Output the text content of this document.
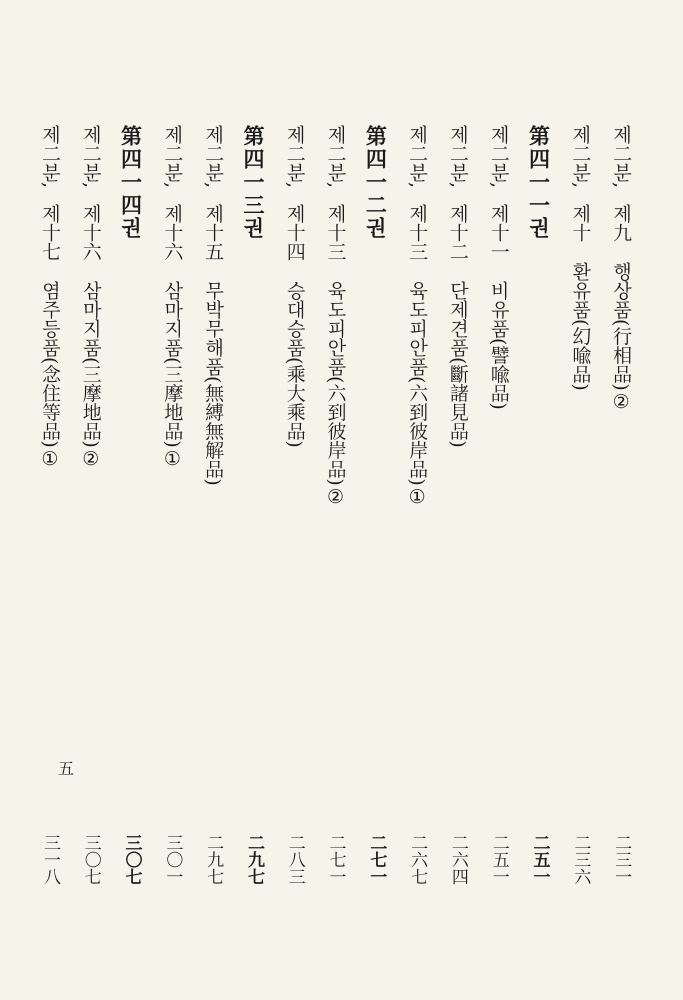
제二분,
제九
행상품(行相品)②
二三一
제二분,
제十
환유품(幻喩品)
二三六
第四一一권
二五一
제二분,
제十一
비유품(譬喩品)
二五一
제二분,
제十二
단제견품(斷諸見品)
二六四
제二분,
제十三
육도피안품(六到彼岸品)①
二六七
第四一二권
二七一
제二분,
제十三
육도피안품(六到彼岸品)②
二七一
제二분,
제十四
승대승품(乘大乘品)
二八三
第四一三권
二九七
제二분,
제十五
무박무해품(無縛無解品)
二九七
제二분,
제十六
삼마지품(三摩地品)①
三〇一
第四一四권
三〇七
제二분,
제十六
삼마지품(三摩地品)②
三〇七
제二분,
제十七
염주등품(念住等品)①
三一八
五
